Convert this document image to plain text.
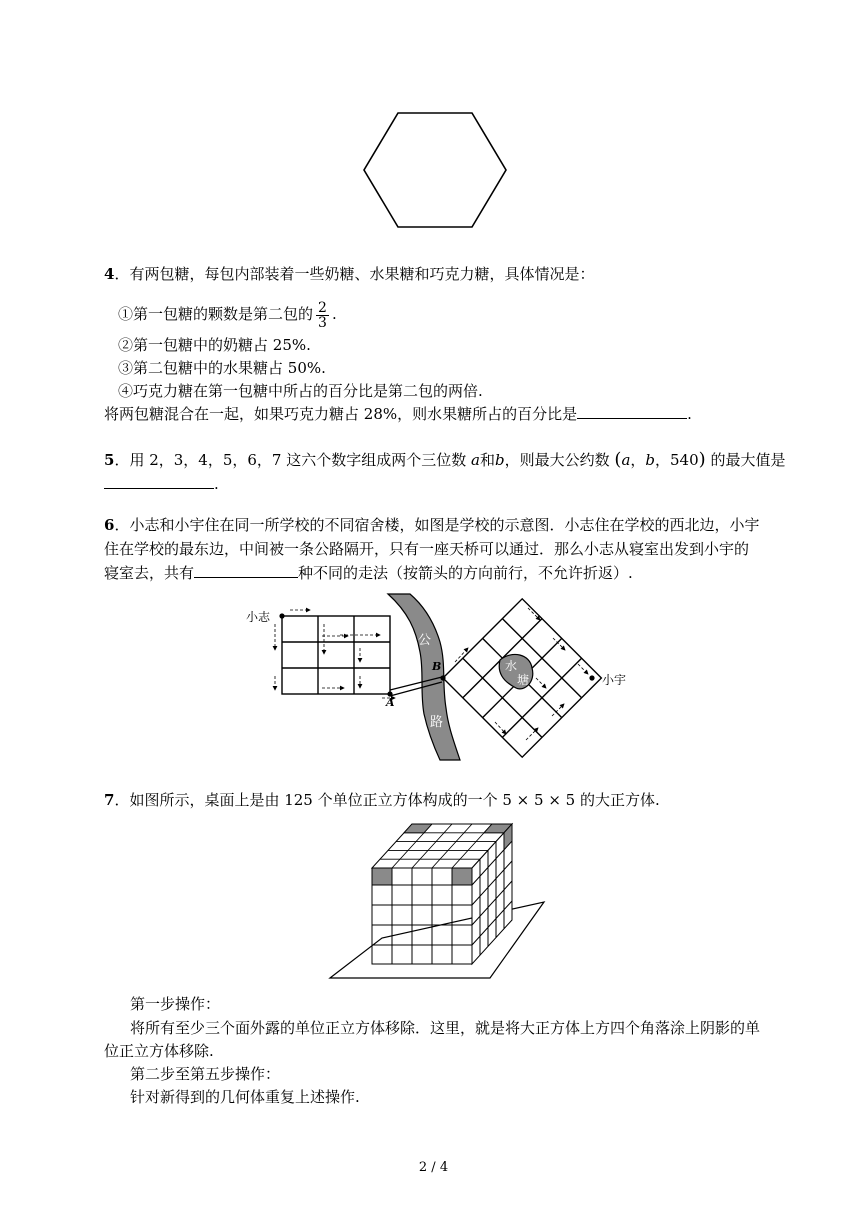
4．有两包糖，每包内部装着一些奶糖、水果糖和巧克力糖，具体情况是：
①第一包糖的颗数是第二包的 $\frac{2}{3}$ .
②第一包糖中的奶糖占 25%.
③第二包糖中的水果糖占 50%.
④巧克力糖在第一包糖中所占的百分比是第二包的两倍.
将两包糖混合在一起，如果巧克力糖占 28%，则水果糖所占的百分比是	.
5．用 2，3，4，5，6，7 这六个数字组成两个三位数 a和b，则最大公约数 (a，b，540) 的最大值是
.
6．小志和小宇住在同一所学校的不同宿舍楼，如图是学校的示意图．小志住在学校的西北边，小宇
住在学校的最东边，中间被一条公路隔开，只有一座天桥可以通过．那么小志从寝室出发到小宇的
寝室去，共有	种不同的走法（按箭头的方向前行，不允许折返）.
小志
小宇
公
路
水
塘
A
B
7．如图所示，桌面上是由 125 个单位正立方体构成的一个 5 × 5 × 5 的大正方体.
第一步操作：
将所有至少三个面外露的单位正立方体移除．这里，就是将大正方体上方四个角落涂上阴影的单
位正立方体移除.
第二步至第五步操作：
针对新得到的几何体重复上述操作.
2 / 4
